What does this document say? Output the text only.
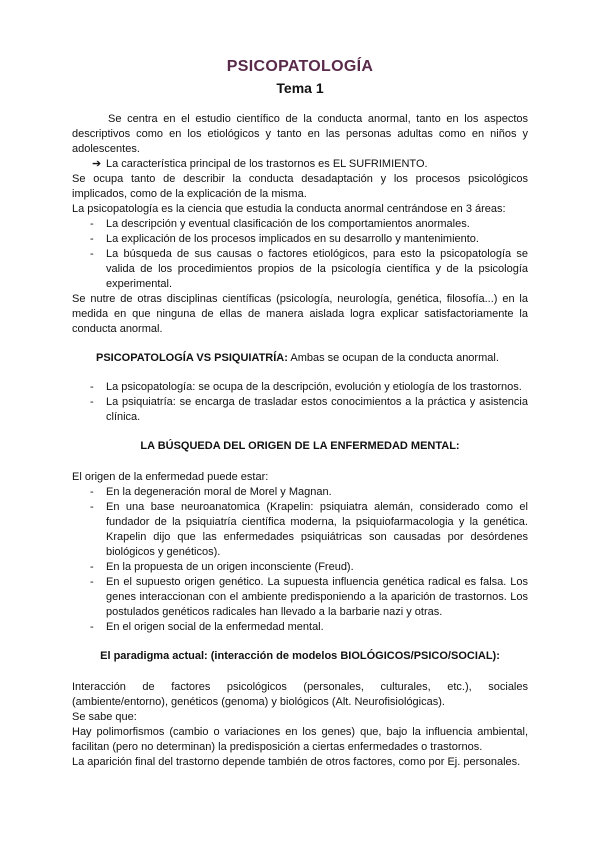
PSICOPATOLOGÍA
Tema 1

Se centra en el estudio científico de la conducta anormal, tanto en los aspectos descriptivos como en los etiológicos y tanto en las personas adultas como en niños y adolescentes.

➔ La característica principal de los trastornos es EL SUFRIMIENTO.

Se ocupa tanto de describir la conducta desadaptación y los procesos psicológicos implicados, como de la explicación de la misma.

La psicopatología es la ciencia que estudia la conducta anormal centrándose en 3 áreas:

- La descripción y eventual clasificación de los comportamientos anormales.
- La explicación de los procesos implicados en su desarrollo y mantenimiento.
- La búsqueda de sus causas o factores etiológicos, para esto la psicopatología se valida de los procedimientos propios de la psicología científica y de la psicología experimental.

Se nutre de otras disciplinas científicas (psicología, neurología, genética, filosofía...) en la medida en que ninguna de ellas de manera aislada logra explicar satisfactoriamente la conducta anormal.

PSICOPATOLOGÍA VS PSIQUIATRÍA: Ambas se ocupan de la conducta anormal.

- La psicopatología: se ocupa de la descripción, evolución y etiología de los trastornos.
- La psiquiatría: se encarga de trasladar estos conocimientos a la práctica y asistencia clínica.

LA BÚSQUEDA DEL ORIGEN DE LA ENFERMEDAD MENTAL:

El origen de la enfermedad puede estar:

- En la degeneración moral de Morel y Magnan.
- En una base neuroanatomica (Krapelin: psiquiatra alemán, considerado como el fundador de la psiquiatría científica moderna, la psiquiofarmacologia y la genética. Krapelin dijo que las enfermedades psiquiátricas son causadas por desórdenes biológicos y genéticos).
- En la propuesta de un origen inconsciente (Freud).
- En el supuesto origen genético. La supuesta influencia genética radical es falsa. Los genes interaccionan con el ambiente predisponiendo a la aparición de trastornos. Los postulados genéticos radicales han llevado a la barbarie nazi y otras.
- En el origen social de la enfermedad mental.

El paradigma actual: (interacción de modelos BIOLÓGICOS/PSICO/SOCIAL):

Interacción de factores psicológicos (personales, culturales, etc.), sociales (ambiente/entorno), genéticos (genoma) y biológicos (Alt. Neurofisiológicas).

Se sabe que:

Hay polimorfismos (cambio o variaciones en los genes) que, bajo la influencia ambiental, facilitan (pero no determinan) la predisposición a ciertas enfermedades o trastornos.

La aparición final del trastorno depende también de otros factores, como por Ej. personales.
